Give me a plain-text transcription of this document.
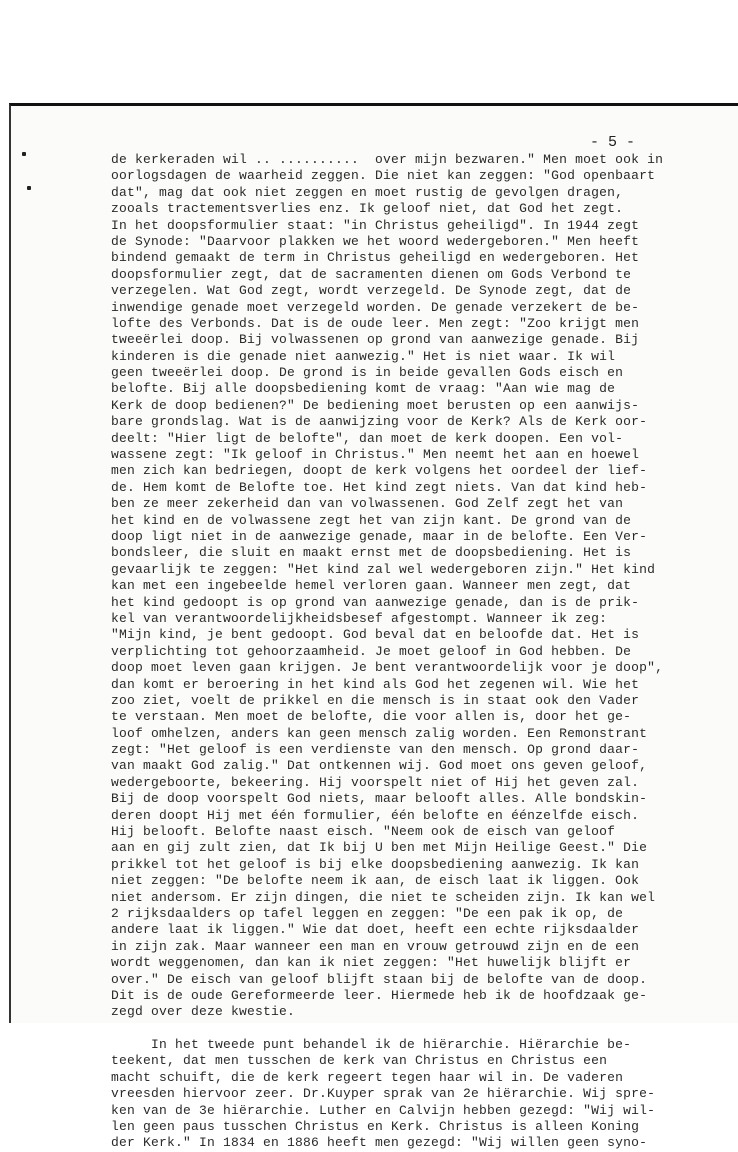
- 5 -
de kerkeraden wil .. ..........  over mijn bezwaren." Men moet ook in
oorlogsdagen de waarheid zeggen. Die niet kan zeggen: "God openbaart
dat", mag dat ook niet zeggen en moet rustig de gevolgen dragen,
zooals tractementsverlies enz. Ik geloof niet, dat God het zegt.
In het doopsformulier staat: "in Christus geheiligd". In 1944 zegt
de Synode: "Daarvoor plakken we het woord wedergeboren." Men heeft
bindend gemaakt de term in Christus geheiligd en wedergeboren. Het
doopsformulier zegt, dat de sacramenten dienen om Gods Verbond te
verzegelen. Wat God zegt, wordt verzegeld. De Synode zegt, dat de
inwendige genade moet verzegeld worden. De genade verzekert de be-
lofte des Verbonds. Dat is de oude leer. Men zegt: "Zoo krijgt men
tweeërlei doop. Bij volwassenen op grond van aanwezige genade. Bij
kinderen is die genade niet aanwezig." Het is niet waar. Ik wil
geen tweeërlei doop. De grond is in beide gevallen Gods eisch en
belofte. Bij alle doopsbediening komt de vraag: "Aan wie mag de
Kerk de doop bedienen?" De bediening moet berusten op een aanwijs-
bare grondslag. Wat is de aanwijzing voor de Kerk? Als de Kerk oor-
deelt: "Hier ligt de belofte", dan moet de kerk doopen. Een vol-
wassene zegt: "Ik geloof in Christus." Men neemt het aan en hoewel
men zich kan bedriegen, doopt de kerk volgens het oordeel der lief-
de. Hem komt de Belofte toe. Het kind zegt niets. Van dat kind heb-
ben ze meer zekerheid dan van volwassenen. God Zelf zegt het van
het kind en de volwassene zegt het van zijn kant. De grond van de
doop ligt niet in de aanwezige genade, maar in de belofte. Een Ver-
bondsleer, die sluit en maakt ernst met de doopsbediening. Het is
gevaarlijk te zeggen: "Het kind zal wel wedergeboren zijn." Het kind
kan met een ingebeelde hemel verloren gaan. Wanneer men zegt, dat
het kind gedoopt is op grond van aanwezige genade, dan is de prik-
kel van verantwoordelijkheidsbesef afgestompt. Wanneer ik zeg:
"Mijn kind, je bent gedoopt. God beval dat en beloofde dat. Het is
verplichting tot gehoorzaamheid. Je moet geloof in God hebben. De
doop moet leven gaan krijgen. Je bent verantwoordelijk voor je doop",
dan komt er beroering in het kind als God het zegenen wil. Wie het
zoo ziet, voelt de prikkel en die mensch is in staat ook den Vader
te verstaan. Men moet de belofte, die voor allen is, door het ge-
loof omhelzen, anders kan geen mensch zalig worden. Een Remonstrant
zegt: "Het geloof is een verdienste van den mensch. Op grond daar-
van maakt God zalig." Dat ontkennen wij. God moet ons geven geloof,
wedergeboorte, bekeering. Hij voorspelt niet of Hij het geven zal.
Bij de doop voorspelt God niets, maar belooft alles. Alle bondskin-
deren doopt Hij met één formulier, één belofte en éénzelfde eisch.
Hij belooft. Belofte naast eisch. "Neem ook de eisch van geloof
aan en gij zult zien, dat Ik bij U ben met Mijn Heilige Geest." Die
prikkel tot het geloof is bij elke doopsbediening aanwezig. Ik kan
niet zeggen: "De belofte neem ik aan, de eisch laat ik liggen. Ook
niet andersom. Er zijn dingen, die niet te scheiden zijn. Ik kan wel
2 rijksdaalders op tafel leggen en zeggen: "De een pak ik op, de
andere laat ik liggen." Wie dat doet, heeft een echte rijksdaalder
in zijn zak. Maar wanneer een man en vrouw getrouwd zijn en de een
wordt weggenomen, dan kan ik niet zeggen: "Het huwelijk blijft er
over." De eisch van geloof blijft staan bij de belofte van de doop.
Dit is de oude Gereformeerde leer. Hiermede heb ik de hoofdzaak ge-
zegd over deze kwestie.
In het tweede punt behandel ik de hiërarchie. Hiërarchie be-
teekent, dat men tusschen de kerk van Christus en Christus een
macht schuift, die de kerk regeert tegen haar wil in. De vaderen
vreesden hiervoor zeer. Dr.Kuyper sprak van 2e hiërarchie. Wij spre-
ken van de 3e hiërarchie. Luther en Calvijn hebben gezegd: "Wij wil-
len geen paus tusschen Christus en Kerk. Christus is alleen Koning
der Kerk." In 1834 en 1886 heeft men gezegd: "Wij willen geen syno-
